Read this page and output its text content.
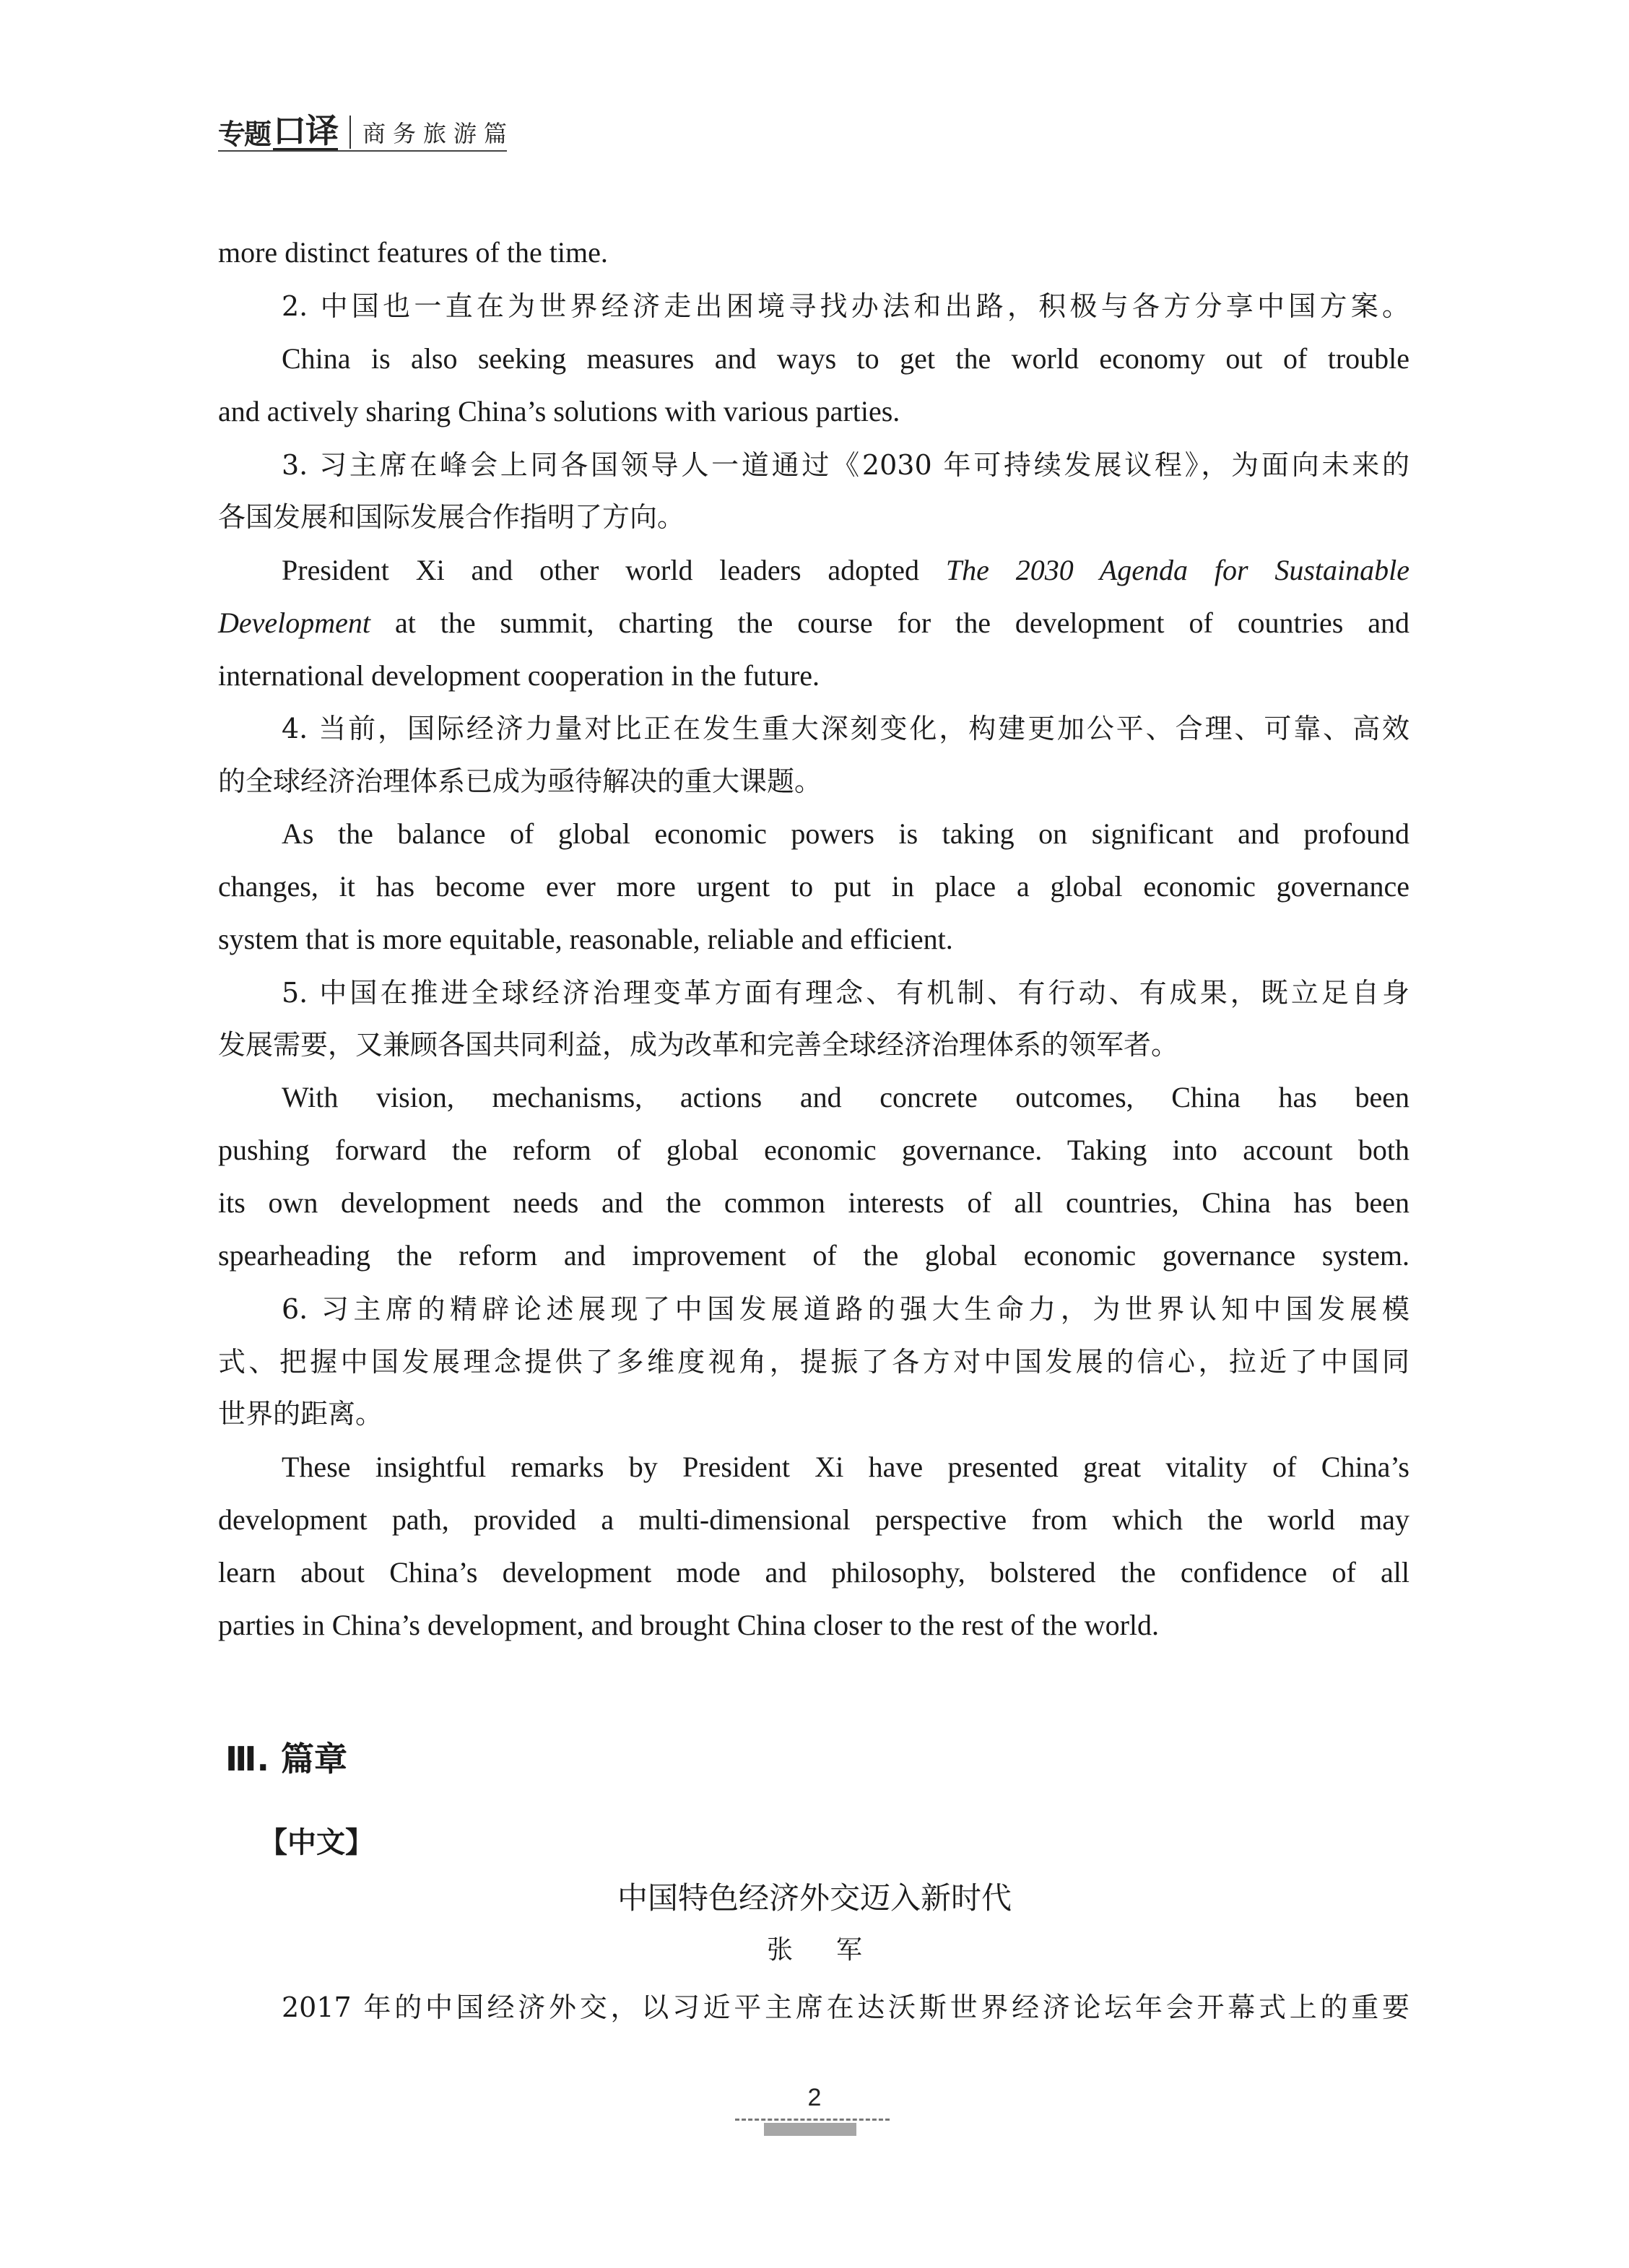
专题 口译 商务旅游篇
more distinct features of the time.
2. 中国也一直在为世界经济走出困境寻找办法和出路，积极与各方分享中国方案。
China is also seeking measures and ways to get the world economy out of trouble
and actively sharing China’s solutions with various parties.
3. 习主席在峰会上同各国领导人一道通过《2030 年可持续发展议程》，为面向未来的
各国发展和国际发展合作指明了方向。
President Xi and other world leaders adopted The 2030 Agenda for Sustainable
Development at the summit, charting the course for the development of countries and
international development cooperation in the future.
4. 当前，国际经济力量对比正在发生重大深刻变化，构建更加公平、合理、可靠、高效
的全球经济治理体系已成为亟待解决的重大课题。
As the balance of global economic powers is taking on significant and profound
changes, it has become ever more urgent to put in place a global economic governance
system that is more equitable, reasonable, reliable and efficient.
5. 中国在推进全球经济治理变革方面有理念、有机制、有行动、有成果，既立足自身
发展需要，又兼顾各国共同利益，成为改革和完善全球经济治理体系的领军者。
With vision, mechanisms, actions and concrete outcomes, China has been
pushing forward the reform of global economic governance. Taking into account both
its own development needs and the common interests of all countries, China has been
spearheading the reform and improvement of the global economic governance system.
6. 习主席的精辟论述展现了中国发展道路的强大生命力，为世界认知中国发展模
式、把握中国发展理念提供了多维度视角，提振了各方对中国发展的信心，拉近了中国同
世界的距离。
These insightful remarks by President Xi have presented great vitality of China’s
development path, provided a multi-dimensional perspective from which the world may
learn about China’s development mode and philosophy, bolstered the confidence of all
parties in China’s development, and brought China closer to the rest of the world.
Ⅲ. 篇章
【中文】
中国特色经济外交迈入新时代
张军
2017 年的中国经济外交，以习近平主席在达沃斯世界经济论坛年会开幕式上的重要
2
